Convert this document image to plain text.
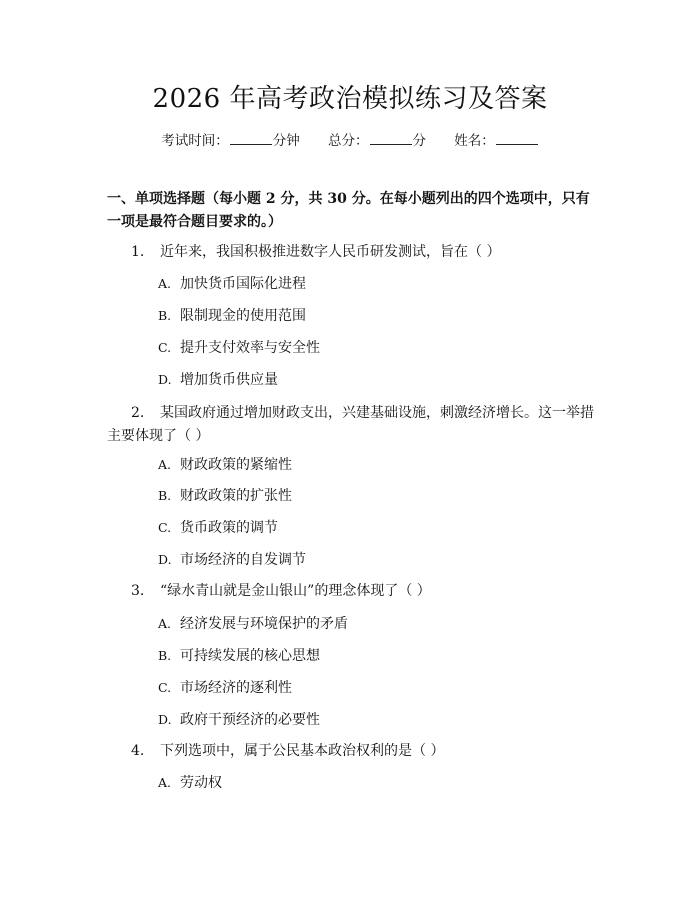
2026 年高考政治模拟练习及答案
考试时间：	分钟 总分：	分 姓名：
一、单项选择题（每小题 2 分，共 30 分。在每小题列出的四个选项中，只有一项是最符合题目要求的。）
1. 近年来，我国积极推进数字人民币研发测试，旨在（ ）
A. 加快货币国际化进程
B. 限制现金的使用范围
C. 提升支付效率与安全性
D. 增加货币供应量
2. 某国政府通过增加财政支出，兴建基础设施，刺激经济增长。这一举措主要体现了（ ）
A. 财政政策的紧缩性
B. 财政政策的扩张性
C. 货币政策的调节
D. 市场经济的自发调节
3. “绿水青山就是金山银山”的理念体现了（ ）
A. 经济发展与环境保护的矛盾
B. 可持续发展的核心思想
C. 市场经济的逐利性
D. 政府干预经济的必要性
4. 下列选项中，属于公民基本政治权利的是（ ）
A. 劳动权
